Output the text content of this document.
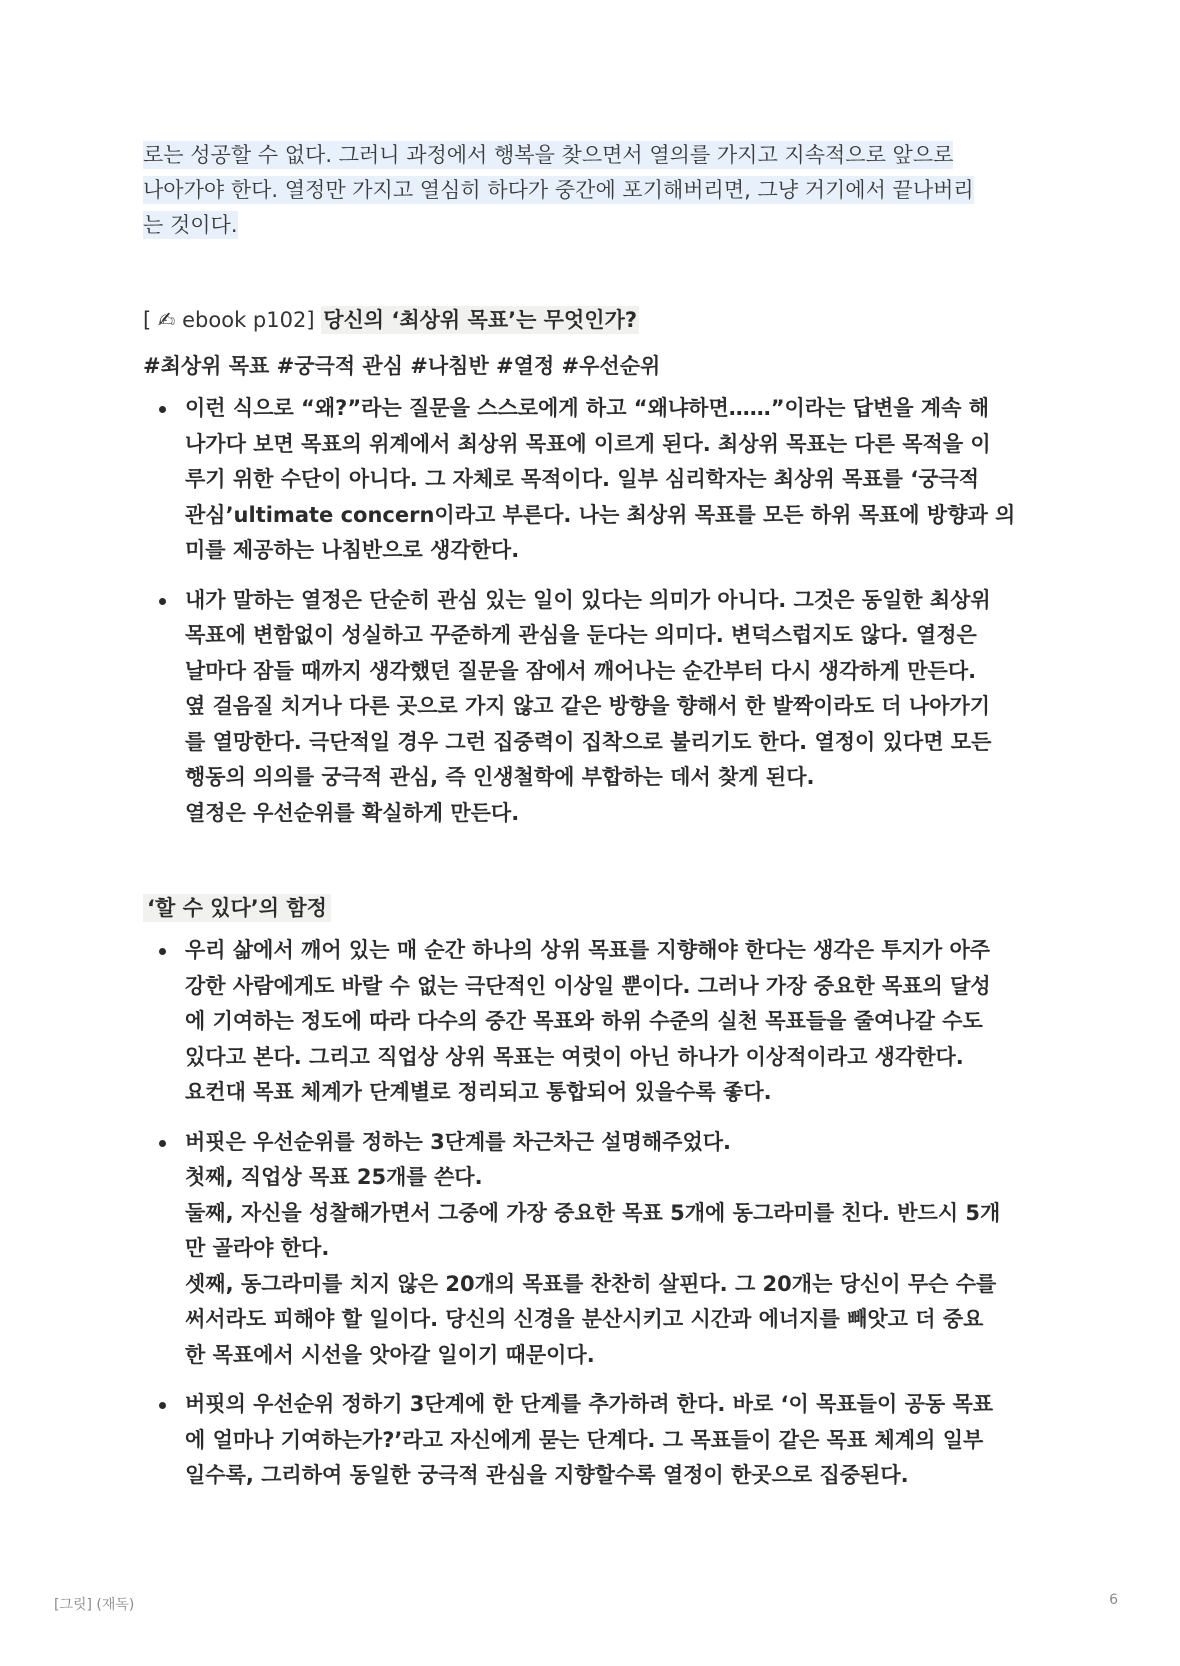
로는 성공할 수 없다. 그러니 과정에서 행복을 찾으면서 열의를 가지고 지속적으로 앞으로
나아가야 한다. 열정만 가지고 열심히 하다가 중간에 포기해버리면, 그냥 거기에서 끝나버리
는 것이다.

[ ✍ ebook p102] 당신의 ‘최상위 목표’는 무엇인가?

#최상위 목표 #궁극적 관심 #나침반 #열정 #우선순위

이런 식으로 “왜?”라는 질문을 스스로에게 하고 “왜냐하면……”이라는 답변을 계속 해
나가다 보면 목표의 위계에서 최상위 목표에 이르게 된다. 최상위 목표는 다른 목적을 이
루기 위한 수단이 아니다. 그 자체로 목적이다. 일부 심리학자는 최상위 목표를 ‘궁극적
관심’ultimate concern이라고 부른다. 나는 최상위 목표를 모든 하위 목표에 방향과 의
미를 제공하는 나침반으로 생각한다.
내가 말하는 열정은 단순히 관심 있는 일이 있다는 의미가 아니다. 그것은 동일한 최상위
목표에 변함없이 성실하고 꾸준하게 관심을 둔다는 의미다. 변덕스럽지도 않다. 열정은
날마다 잠들 때까지 생각했던 질문을 잠에서 깨어나는 순간부터 다시 생각하게 만든다.
옆 걸음질 치거나 다른 곳으로 가지 않고 같은 방향을 향해서 한 발짝이라도 더 나아가기
를 열망한다. 극단적일 경우 그런 집중력이 집착으로 불리기도 한다. 열정이 있다면 모든
행동의 의의를 궁극적 관심, 즉 인생철학에 부합하는 데서 찾게 된다.
열정은 우선순위를 확실하게 만든다.
‘할 수 있다’의 함정
우리 삶에서 깨어 있는 매 순간 하나의 상위 목표를 지향해야 한다는 생각은 투지가 아주
강한 사람에게도 바랄 수 없는 극단적인 이상일 뿐이다. 그러나 가장 중요한 목표의 달성
에 기여하는 정도에 따라 다수의 중간 목표와 하위 수준의 실천 목표들을 줄여나갈 수도
있다고 본다. 그리고 직업상 상위 목표는 여럿이 아닌 하나가 이상적이라고 생각한다.
요컨대 목표 체계가 단계별로 정리되고 통합되어 있을수록 좋다.
버핏은 우선순위를 정하는 3단계를 차근차근 설명해주었다.
첫째, 직업상 목표 25개를 쓴다.
둘째, 자신을 성찰해가면서 그중에 가장 중요한 목표 5개에 동그라미를 친다. 반드시 5개
만 골라야 한다.
셋째, 동그라미를 치지 않은 20개의 목표를 찬찬히 살핀다. 그 20개는 당신이 무슨 수를
써서라도 피해야 할 일이다. 당신의 신경을 분산시키고 시간과 에너지를 빼앗고 더 중요
한 목표에서 시선을 앗아갈 일이기 때문이다.
버핏의 우선순위 정하기 3단계에 한 단계를 추가하려 한다. 바로 ‘이 목표들이 공동 목표
에 얼마나 기여하는가?’라고 자신에게 묻는 단계다. 그 목표들이 같은 목표 체계의 일부
일수록, 그리하여 동일한 궁극적 관심을 지향할수록 열정이 한곳으로 집중된다.
[그릿] (재독)	6
